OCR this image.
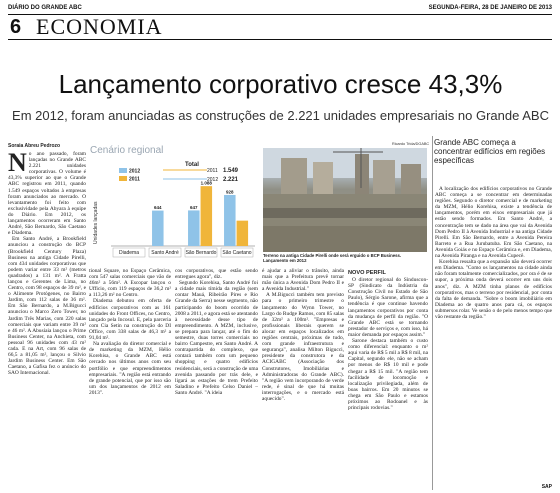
DIÁRIO DO GRANDE ABC	SEGUNDA-FEIRA, 28 DE JANEIRO DE 2013
6 ECONOMIA
Lançamento corporativo cresce 43,3%
Em 2012, foram anunciadas as construções de 2.221 unidades empresariais no Grande ABC
Soraia Abreu Pedrozo
N o ano passado, foram lançadas no Grande ABC 2.221 unidades corporativas. O volume é 43,3% superior ao que o Grande ABC registrou em 2011, quando 1.549 espaços voltados à empresas foram anunciados ao mercado. O levantamento foi feito com exclusividade pela Abyara à equipe do Diário. Em 2012, os lançamentos ocorreram em Santo André, São Bernardo, São Caetano e Diadema.

Em Santo André, a Brookfield anunciou a construção do BCP (Brookfield Century Plaza) Business na antiga Cidade Pirelli, com 434 unidades corporativas que podem variar entre 33 m² (metros quadrados) a 131 m². A Fratta lançou e Gerentes de Lima, no Centro, com 98 espaços de 39 m², e o Alimente Protógenes, no Bairro Jardim, com 112 salas de 36 m². Em São Bernardo, a M.Bigucci anunciou o Marco Zero Tower, no Jardim Três Marias, com 220 salas comerciais que variam entre 39 m² e 46 m². A Abusiaia lançou o Prime Business Center, na Anchieta, com pessoal 96 unidades com 43 m² cada. E na Art, com 96 salas de 66,5 a 81,05 m², lançou o Silvio Jardim Business Center. Em São Caetano, a Gafisa fez o anúncio do SAO Internacional.

Cenário regional
Unidades lançadas
Diadema Santo André São Bernardo São Caetano
644	647
928
1.088
2012
2011
Total
2011 1.549
2012 2.221

tional Square, no Espaço Cerâmica, com 547 salas comerciais que vão de 46m² a 56m². A Escopar lançou o Ufficio, com 119 espaços de 36,2 m² a 113,26 m² no Centro.

Diadema debutou em oferta de edifícios corporativos com as 161 unidades do Front Offices, no Centro, lançado pela Incosul. E, pela parceria com Cia Setin na construção do DI Office, com 338 salas de 46,3 m² a 91,04 m².

Na avaliação do diretor comercial e de marketing da MZM, Hélio Korehisa, o Grande ABC está cercado nos últimos anos com seu portfólio e que empreendimentos empresariais. "A região está entrando de grande potencial, que por isso são um dos lançamentos de 2012 em 2013".

cos corporativos, que estão sendo entregues agora", diz.

Segundo Korehisa, Santo André foi a cidade mais tímida da região (sem contar Mauá, Ribeirão Pires e Rio Grande da Serra) nesse segmento, não participando do boom ocorrido de 2008 a 2011, e agora está se atentando à necessidade desse tipo de empreendimento. A MZM, inclusive, se prepara para lançar, até o fim do semestre, duas torres comerciais no bairro Campestre, em Santo André. A contrapartida do complexo, que contará também com um pequeno shopping e quatro edifícios residenciais, será a construção de uma avenida passando por trás dele, e ligará as estações de trem Prefeito Saladino e Prefeito Celso Daniel – Santo André. "A ideia

Ricardo Trida/DGABC
Terreno na antiga Cidade Pirelli onde será erguido o BCP Business. Lançamento em 2012

é ajudar a aliviar o trânsito, ainda mais que a Prefeitura prevê tornar mão única a Avenida Dom Pedro II e a Avenida Industrial."

A M.Bigucci também tem previsto para o primeiro trimestre o lançamento do Wynn Tower, no Largo do Rudge Ramos, com 85 salas de 32m² a 100m². "Empresas e profissionais liberais querem se alocar em espaços localizados em regiões centrais, próximas de tudo, com grande infraestrutura e segurança", analisa Milton Bigucci, presidente da construtora e da ACIGABC (Associação dos Construtores, Imobiliárias e Administradoras do Grande ABC). "A região vem incorporando de verde rede, é sinal de que há muitas interrogações, e o mercado está aquecido".

NOVO PERFIL

O diretor regional do Sinduscon-SP (Sindicato da Indústria da Construção Civil no Estado de São Paulo), Sérgio Sarone, afirma que a tendência é que continue havendo lançamentos corporativos por conta da mudança de perfil da região. "O Grande ABC está se tornando prestador de serviços e, com isso, há maior demanda por espaços assim."

Sarone destaca também o custo como diferencial: enquanto o m² aqui varia de R$ 5 mil a R$ 8 mil, na Capital, segundo ele, não se acham por menos de R$ 10 mil e pode chegar a R$ 15 mil. "A região tem facilidade de locomoção e localização privilegiada, além de boas bairros. Em 20 minutos se chega em São Paulo e estamos próximos ao Rodoanel e às principais rodovias."

Grande ABC começa a concentrar edifícios em regiões específicas

A localização dos edifícios corporativos no Grande ABC começa a se concentrar em determinadas regiões. Segundo o diretor comercial e de marketing da MZM, Hélio Korehisa, existe a tendência de lançamentos, porém em eixos empresariais que já estão sendo formados. Em Santo André, a concentração tem se dado na área que vai da Avenida Dom Pedro II à Avenida Industrial e na antiga Cidade Pirelli. Em São Bernardo, entre a Avenida Pereira Barreto e a Rua Jurubatuba. Em São Caetano, na Avenida Goiás e no Espaço Cerâmica e, em Diadema, na Avenida Piranga e na Avenida Cupecê.

Korehisa ressalta que a expansão não deverá ocorrer em Diadema. "Como os lançamentos na cidade ainda não foram totalmente comercializados, por ora é de se supor, a próxima onda deverá ocorrer em uns dois anos", diz. A MZM tinha planos de edifícios corporativos, mas o terreno por residencial, por conta da falta de demanda. "Sobre o boom imobiliário em Diadema ao de quatro anos para cá, os espaços submersos rolar. Ve senão o de pelo menos tempo que vão restante da região."

SAP
